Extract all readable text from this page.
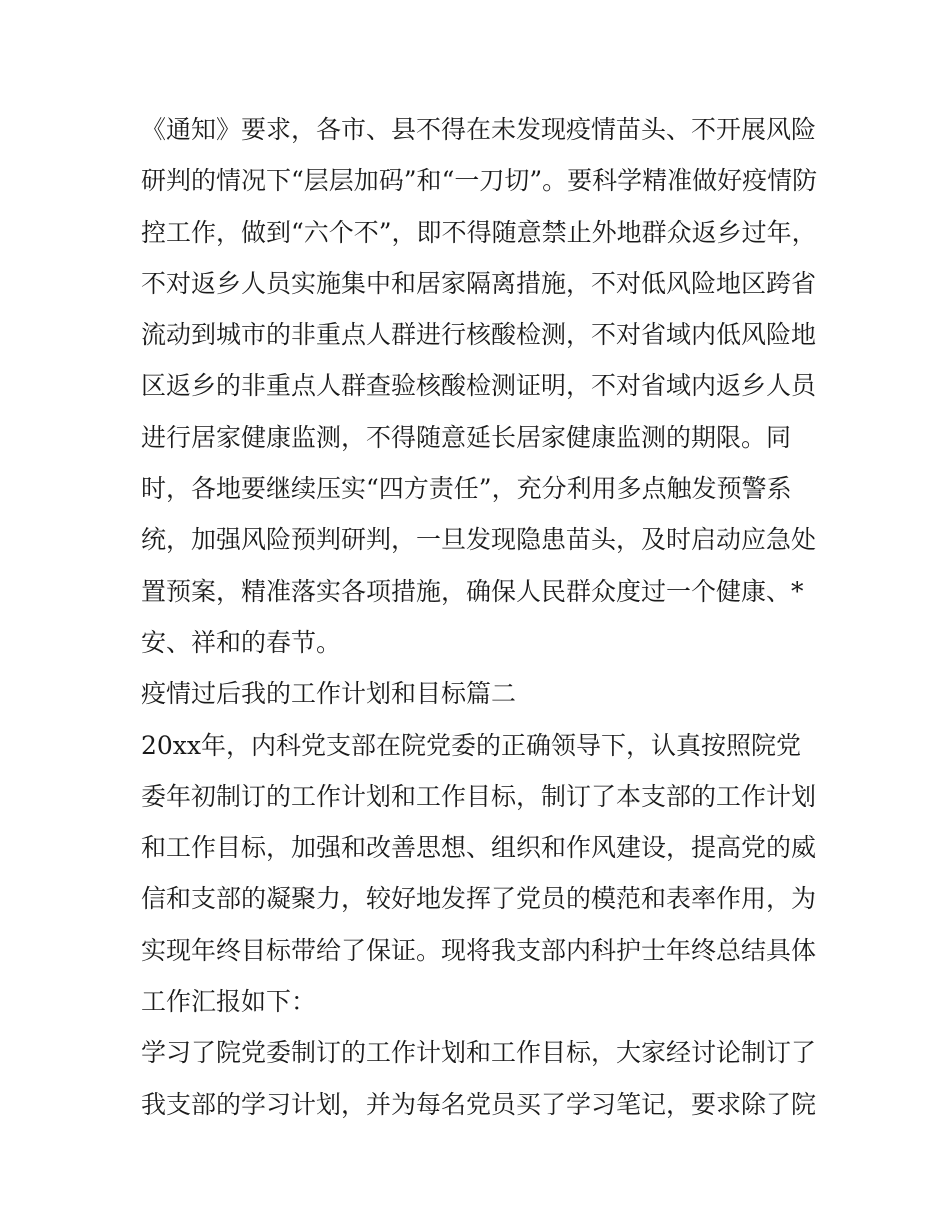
《通知》要求，各市、县不得在未发现疫情苗头、不开展风险
研判的情况下“层层加码”和“一刀切”。要科学精准做好疫情防
控工作，做到“六个不”，即不得随意禁止外地群众返乡过年，
不对返乡人员实施集中和居家隔离措施，不对低风险地区跨省
流动到城市的非重点人群进行核酸检测，不对省域内低风险地
区返乡的非重点人群查验核酸检测证明，不对省域内返乡人员
进行居家健康监测，不得随意延长居家健康监测的期限。同
时，各地要继续压实“四方责任”，充分利用多点触发预警系
统，加强风险预判研判，一旦发现隐患苗头，及时启动应急处
置预案，精准落实各项措施，确保人民群众度过一个健康、*
安、祥和的春节。
疫情过后我的工作计划和目标篇二
20xx年，内科党支部在院党委的正确领导下，认真按照院党
委年初制订的工作计划和工作目标，制订了本支部的工作计划
和工作目标，加强和改善思想、组织和作风建设，提高党的威
信和支部的凝聚力，较好地发挥了党员的模范和表率作用，为
实现年终目标带给了保证。现将我支部内科护士年终总结具体
工作汇报如下：
学习了院党委制订的工作计划和工作目标，大家经讨论制订了
我支部的学习计划，并为每名党员买了学习笔记，要求除了院
